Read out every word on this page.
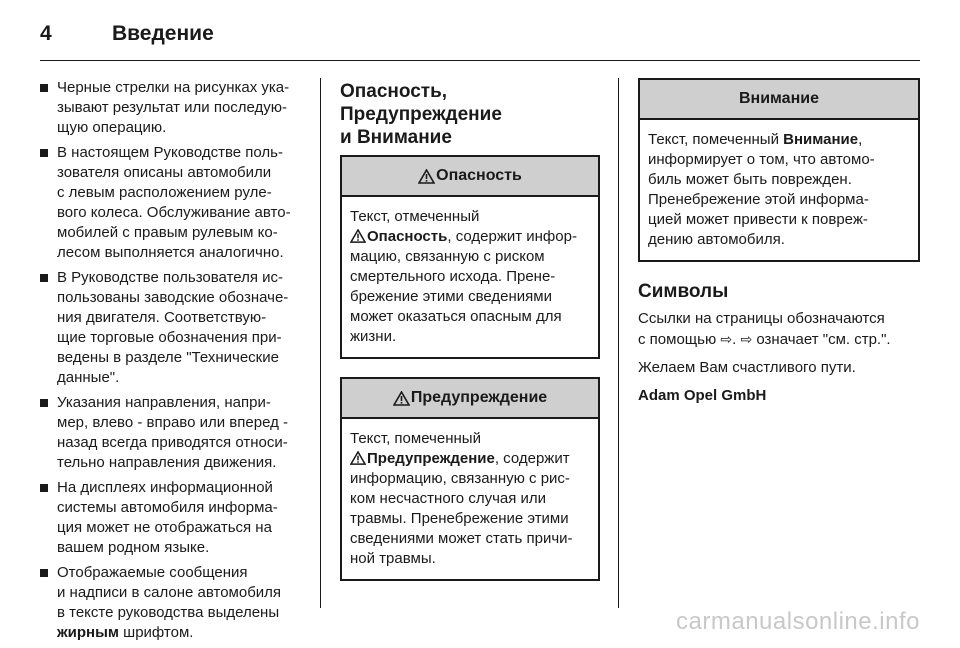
4	Введение
Черные стрелки на рисунках ука-
зывают результат или последую-
щую операцию.
В настоящем Руководстве поль-
зователя описаны автомобили
с левым расположением руле-
вого колеса. Обслуживание авто-
мобилей с правым рулевым ко-
лесом выполняется аналогично.
В Руководстве пользователя ис-
пользованы заводские обозначе-
ния двигателя. Соответствую-
щие торговые обозначения при-
ведены в разделе "Технические
данные".
Указания направления, напри-
мер, влево - вправо или вперед -
назад всегда приводятся относи-
тельно направления движения.
На дисплеях информационной
системы автомобиля информа-
ция может не отображаться на
вашем родном языке.
Отображаемые сообщения
и надписи в салоне автомобиля
в тексте руководства выделены
жирным шрифтом.
Опасность,
Предупреждение
и Внимание
Опасность
Текст, отмеченный
Опасность, содержит инфор-
мацию, связанную с риском
смертельного исхода. Прене-
брежение этими сведениями
может оказаться опасным для
жизни.
Предупреждение
Текст, помеченный
Предупреждение, содержит
информацию, связанную с рис-
ком несчастного случая или
травмы. Пренебрежение этими
сведениями может стать причи-
ной травмы.
Внимание
Текст, помеченный Внимание,
информирует о том, что автомо-
биль может быть поврежден.
Пренебрежение этой информа-
цией может привести к повреж-
дению автомобиля.
Символы

Ссылки на страницы обозначаются
с помощью ⇨. ⇨ означает "см. стр.".

Желаем Вам счастливого пути.

Adam Opel GmbH

carmanualsonline.info
